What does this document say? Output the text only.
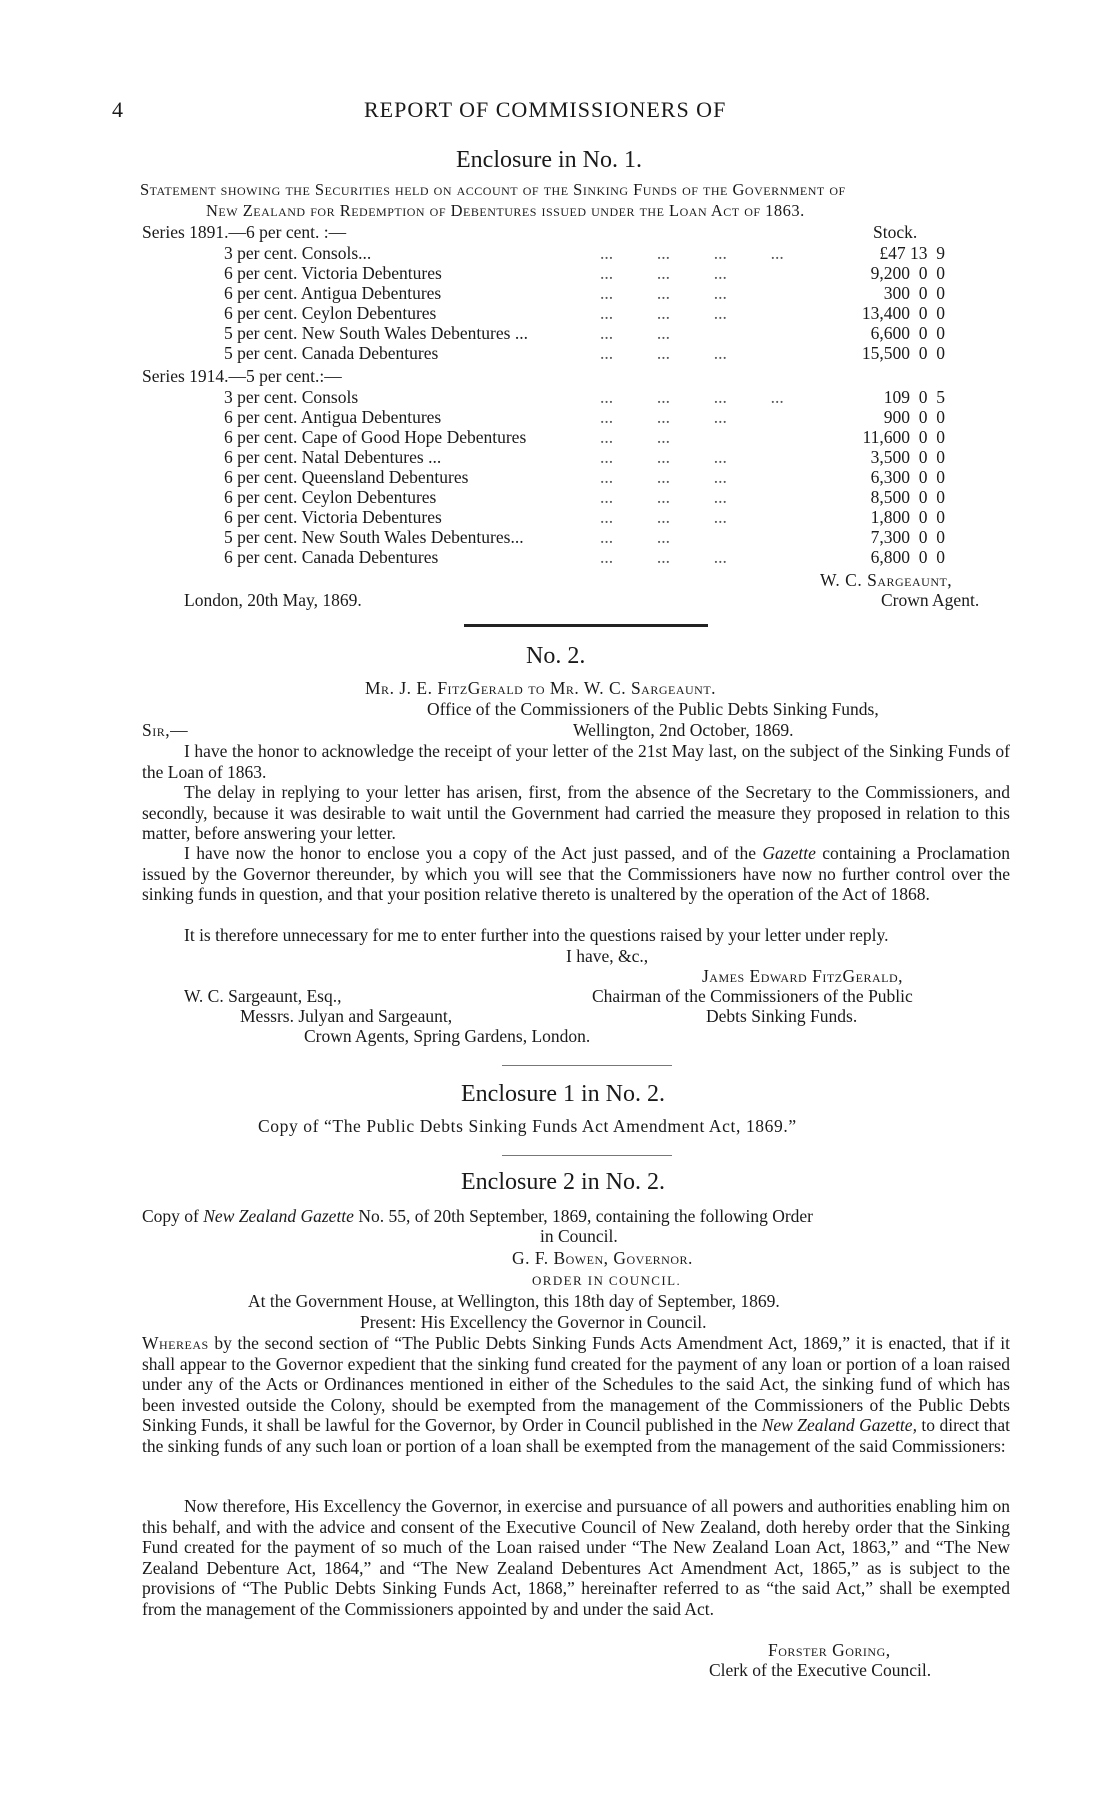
4	REPORT OF COMMISSIONERS OF
Enclosure in No. 1.
Statement showing the Securities held on account of the Sinking Funds of the Government of
New Zealand for Redemption of Debentures issued under the Loan Act of 1863.
Series 1891.—6 per cent. :—	Stock.
3 per cent. Consols...	...          ...          ...          ...	£47 13  9
6 per cent. Victoria Debentures	...          ...          ...	9,200  0  0
6 per cent. Antigua Debentures	...          ...          ...	300  0  0
6 per cent. Ceylon Debentures	...          ...          ...	13,400  0  0
5 per cent. New South Wales Debentures ...	...          ...	6,600  0  0
5 per cent. Canada Debentures	...          ...          ...	15,500  0  0
Series 1914.—5 per cent.:—
3 per cent. Consols	...          ...          ...          ...	109  0  5
6 per cent. Antigua Debentures	...          ...          ...	900  0  0
6 per cent. Cape of Good Hope Debentures	...          ...	11,600  0  0
6 per cent. Natal Debentures ...	...          ...          ...	3,500  0  0
6 per cent. Queensland Debentures	...          ...          ...	6,300  0  0
6 per cent. Ceylon Debentures	...          ...          ...	8,500  0  0
6 per cent. Victoria Debentures	...          ...          ...	1,800  0  0
5 per cent. New South Wales Debentures...	...          ...	7,300  0  0
6 per cent. Canada Debentures	...          ...          ...	6,800  0  0
W. C. Sargeaunt,
London, 20th May, 1869.	Crown Agent.
No. 2.
Mr. J. E. FitzGerald to Mr. W. C. Sargeaunt.
Office of the Commissioners of the Public Debts Sinking Funds,
Sir,—	Wellington, 2nd October, 1869.
I have the honor to acknowledge the receipt of your letter of the 21st May last, on the subject of the Sinking Funds of the Loan of 1863.
The delay in replying to your letter has arisen, first, from the absence of the Secretary to the Commissioners, and secondly, because it was desirable to wait until the Government had carried the measure they proposed in relation to this matter, before answering your letter.
I have now the honor to enclose you a copy of the Act just passed, and of the Gazette containing a Proclamation issued by the Governor thereunder, by which you will see that the Commissioners have now no further control over the sinking funds in question, and that your position relative thereto is unaltered by the operation of the Act of 1868.
It is therefore unnecessary for me to enter further into the questions raised by your letter under reply.
I have, &c.,
James Edward FitzGerald,
W. C. Sargeaunt, Esq.,	Chairman of the Commissioners of the Public
Messrs. Julyan and Sargeaunt,	Debts Sinking Funds.
Crown Agents, Spring Gardens, London.
Enclosure 1 in No. 2.
Copy of “The Public Debts Sinking Funds Act Amendment Act, 1869.”
Enclosure 2 in No. 2.
Copy of New Zealand Gazette No. 55, of 20th September, 1869, containing the following Order
in Council.
G. F. Bowen, Governor.
ORDER IN COUNCIL.
At the Government House, at Wellington, this 18th day of September, 1869.
Present: His Excellency the Governor in Council.
Whereas by the second section of “The Public Debts Sinking Funds Acts Amendment Act, 1869,” it is enacted, that if it shall appear to the Governor expedient that the sinking fund created for the payment of any loan or portion of a loan raised under any of the Acts or Ordinances mentioned in either of the Schedules to the said Act, the sinking fund of which has been invested outside the Colony, should be exempted from the management of the Commissioners of the Public Debts Sinking Funds, it shall be lawful for the Governor, by Order in Council published in the New Zealand Gazette, to direct that the sinking funds of any such loan or portion of a loan shall be exempted from the management of the said Commissioners:
Now therefore, His Excellency the Governor, in exercise and pursuance of all powers and authorities enabling him on this behalf, and with the advice and consent of the Executive Council of New Zealand, doth hereby order that the Sinking Fund created for the payment of so much of the Loan raised under “The New Zealand Loan Act, 1863,” and “The New Zealand Debenture Act, 1864,” and “The New Zealand Debentures Act Amendment Act, 1865,” as is subject to the provisions of “The Public Debts Sinking Funds Act, 1868,” hereinafter referred to as “the said Act,” shall be exempted from the management of the Commissioners appointed by and under the said Act.
Forster Goring,
Clerk of the Executive Council.
